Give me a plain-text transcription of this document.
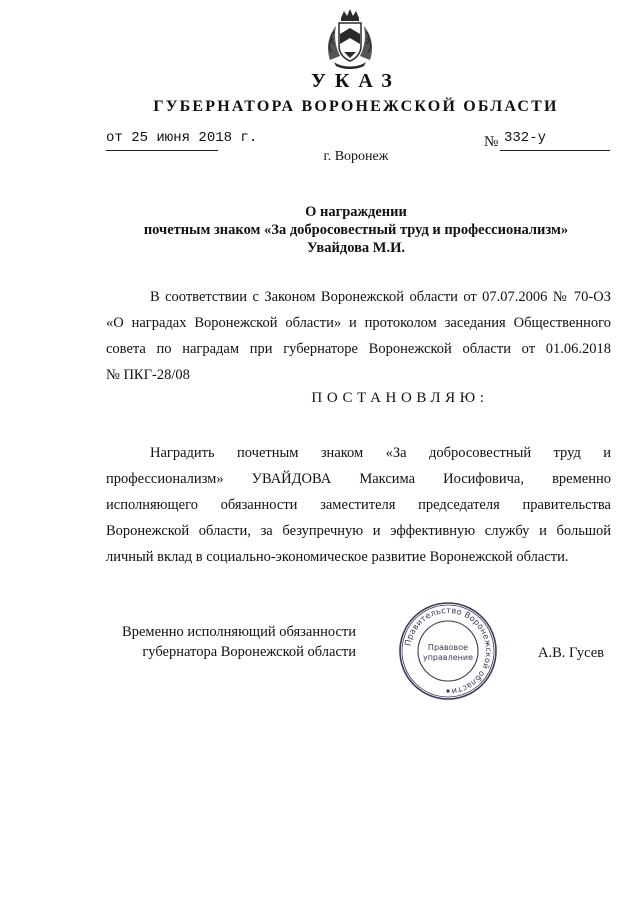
УКАЗ
ГУБЕРНАТОРА ВОРОНЕЖСКОЙ ОБЛАСТИ
от 25 июня 2018 г.	№ 332-у
г. Воронеж
О награждении
почетным знаком «За добросовестный труд и профессионализм»
Увайдова М.И.
В соответствии с Законом Воронежской области от 07.07.2006 № 70-ОЗ
«О наградах Воронежской области» и протоколом заседания Общественного
совета по наградам при губернаторе Воронежской области от 01.06.2018
№ ПКГ-28/08
ПОСТАНОВЛЯЮ:
Наградить почетным знаком «За добросовестный труд и
профессионализм» УВАЙДОВА Максима Иосифовича, временно
исполняющего обязанности заместителя председателя правительства
Воронежской области, за безупречную и эффективную службу и большой
личный вклад в социально-экономическое развитие Воронежской области.
Временно исполняющий обязанности
губернатора Воронежской области
Правительство Воронежской области
Правовое
управление	А.В. Гусев
